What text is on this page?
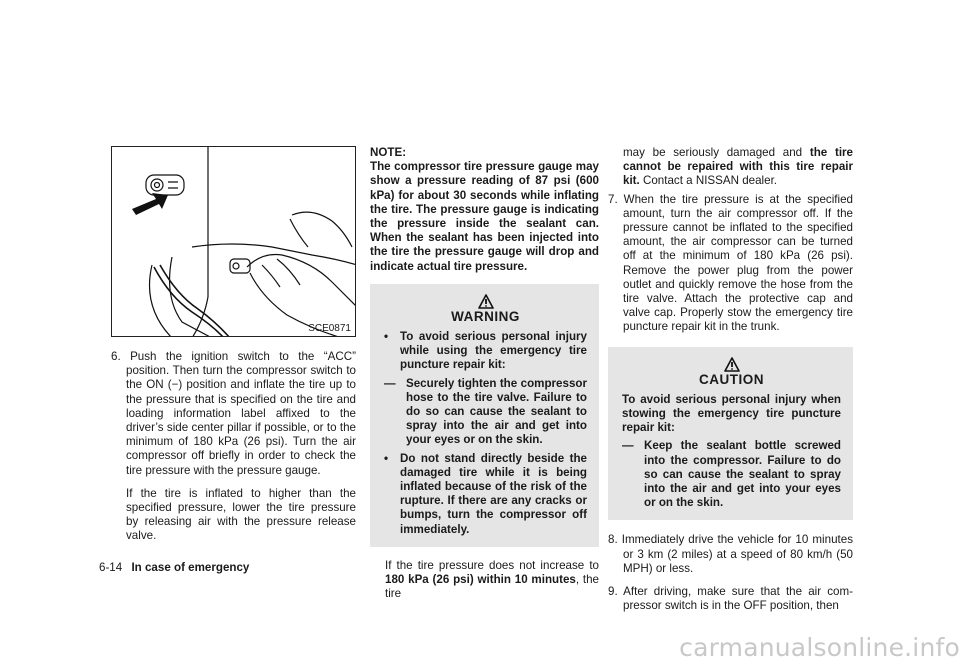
SCE0871

6. Push the ignition switch to the “ACC” position. Then turn the compressor switch to the ON (−) position and inflate the tire up to the pressure that is specified on the tire and loading information label affixed to the driver’s side center pillar if possible, or to the minimum of 180 kPa (26 psi). Turn the air compressor off briefly in order to check the tire pressure with the pressure gauge.

If the tire is inflated to higher than the specified pressure, lower the tire pressure by releasing air with the pressure release valve.

NOTE:

The compressor tire pressure gauge may show a pressure reading of 87 psi (600 kPa) for about 30 seconds while inflating the tire. The pressure gauge is indicating the pressure inside the sealant can. When the sealant has been injected into the tire the pressure gauge will drop and indicate actual tire pressure.

WARNING
• To avoid serious personal injury while using the emergency tire puncture repair kit:
— Securely tighten the compressor hose to the tire valve. Failure to do so can cause the sealant to spray into the air and get into your eyes or on the skin.
• Do not stand directly beside the damaged tire while it is being inflated because of the risk of the rupture. If there are any cracks or bumps, turn the compressor off immediately.

If the tire pressure does not increase to 180 kPa (26 psi) within 10 minutes, the tire

may be seriously damaged and the tire cannot be repaired with this tire repair kit. Contact a NISSAN dealer.

7. When the tire pressure is at the specified amount, turn the air compressor off. If the pressure cannot be inflated to the specified amount, the air compressor can be turned off at the minimum of 180 kPa (26 psi). Remove the power plug from the power outlet and quickly remove the hose from the tire valve. Attach the protective cap and valve cap. Properly stow the emergency tire puncture repair kit in the trunk.

CAUTION

To avoid serious personal injury when stowing the emergency tire puncture repair kit:

— Keep the sealant bottle screwed into the compressor. Failure to do so can cause the sealant to spray into the air and get into your eyes or on the skin.

8. Immediately drive the vehicle for 10 minutes or 3 km (2 miles) at a speed of 80 km/h (50 MPH) or less.

9. After driving, make sure that the air com- pressor switch is in the OFF position, then

6-14 In case of emergency
carmanualsonline.info
